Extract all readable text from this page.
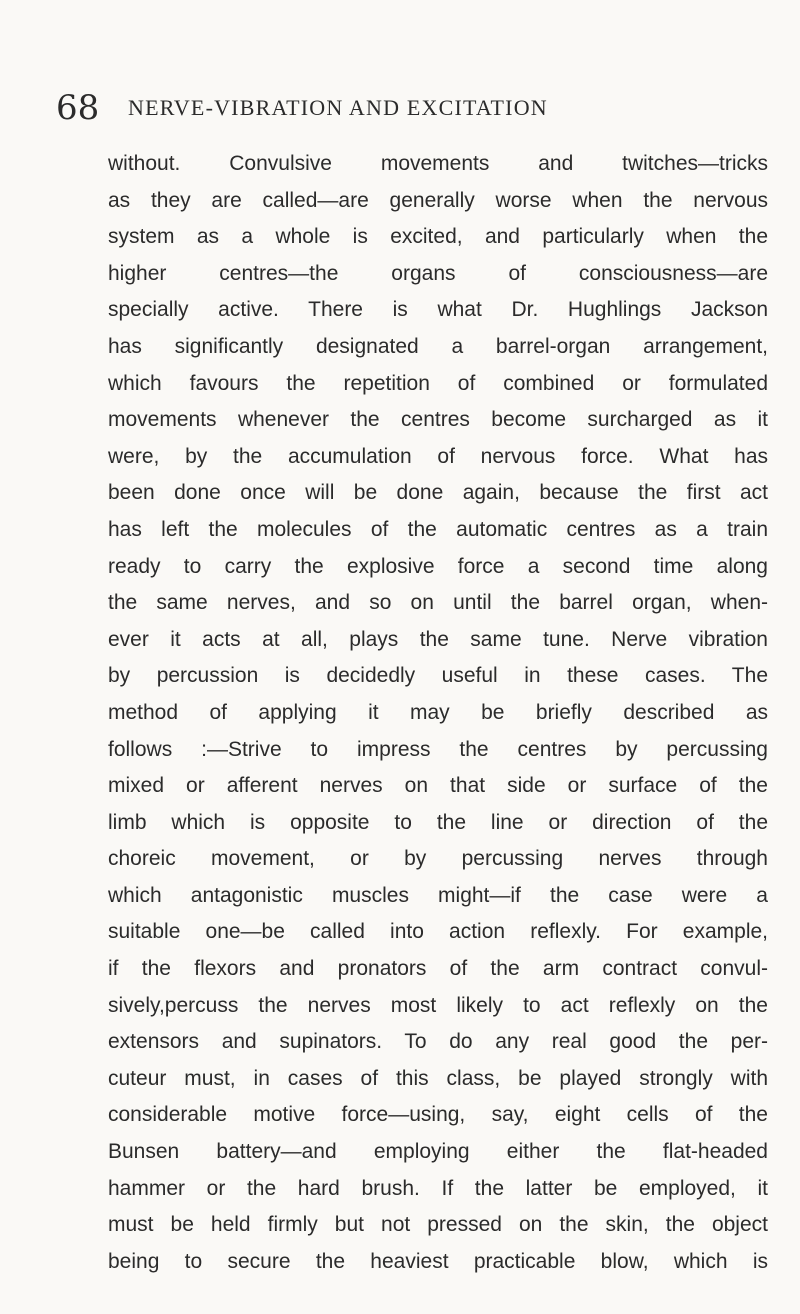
68 NERVE-VIBRATION AND EXCITATION
without. Convulsive movements and twitches—tricks
as they are called—are generally worse when the nervous
system as a whole is excited, and particularly when the
higher centres—the organs of consciousness—are
specially active. There is what Dr. Hughlings Jackson
has significantly designated a barrel-organ arrangement,
which favours the repetition of combined or formulated
movements whenever the centres become surcharged as it
were, by the accumulation of nervous force. What has
been done once will be done again, because the first act
has left the molecules of the automatic centres as a train
ready to carry the explosive force a second time along
the same nerves, and so on until the barrel organ, when-
ever it acts at all, plays the same tune. Nerve vibration
by percussion is decidedly useful in these cases. The
method of applying it may be briefly described as
follows :—Strive to impress the centres by percussing
mixed or afferent nerves on that side or surface of the
limb which is opposite to the line or direction of the
choreic movement, or by percussing nerves through
which antagonistic muscles might—if the case were a
suitable one—be called into action reflexly. For example,
if the flexors and pronators of the arm contract convul-
sively,percuss the nerves most likely to act reflexly on the
extensors and supinators. To do any real good the per-
cuteur must, in cases of this class, be played strongly with
considerable motive force—using, say, eight cells of the
Bunsen battery—and employing either the flat-headed
hammer or the hard brush. If the latter be employed, it
must be held firmly but not pressed on the skin, the object
being to secure the heaviest practicable blow, which is
